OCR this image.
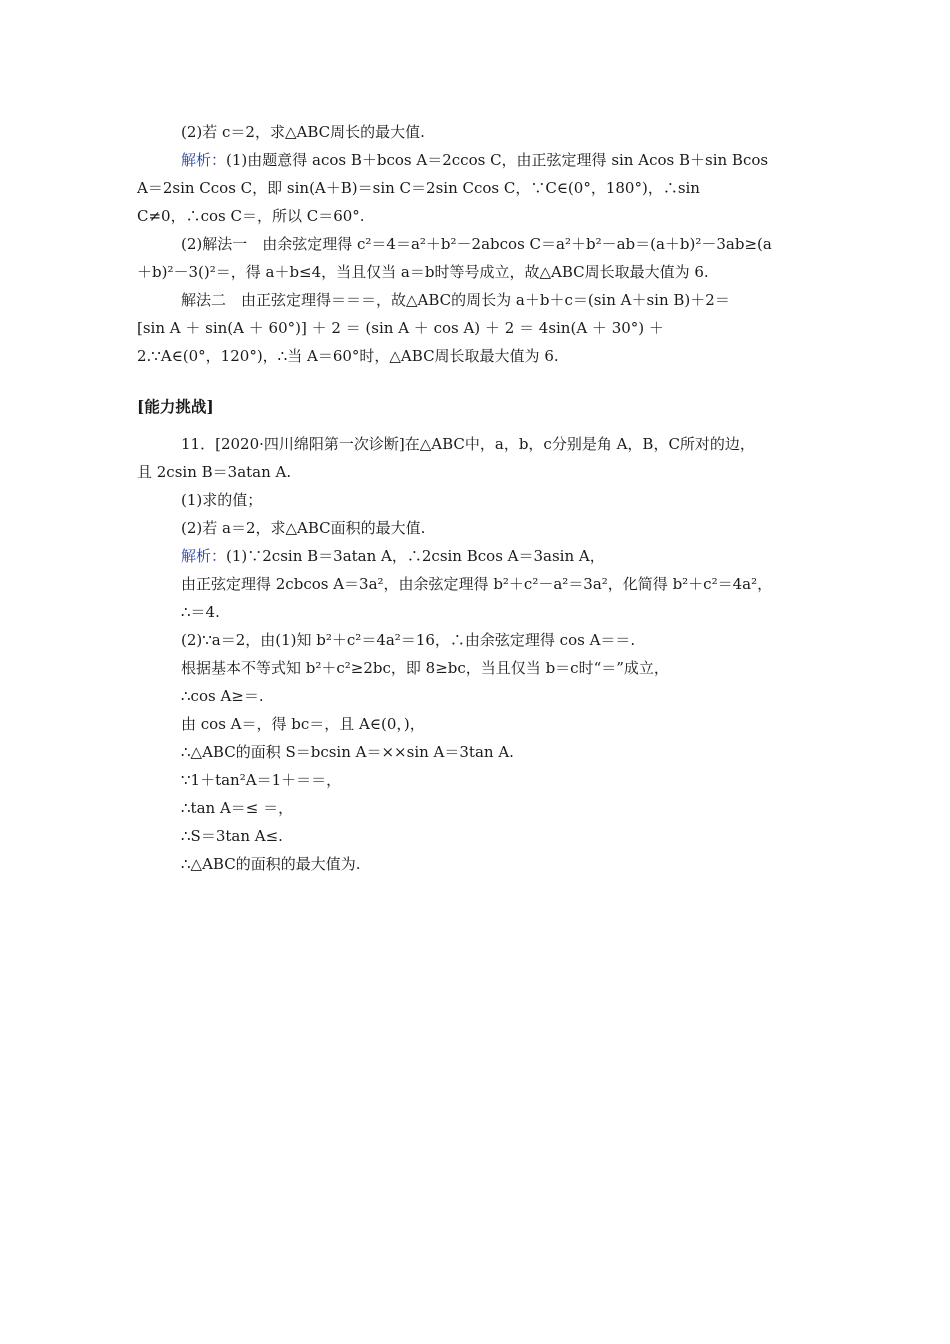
(2)若 c＝2，求△ABC周长的最大值.
解析：(1)由题意得 acos B＋bcos A＝2ccos C，由正弦定理得 sin Acos B＋sin Bcos
A＝2sin Ccos C，即 sin(A＋B)＝sin C＝2sin Ccos C，∵C∈(0°，180°)，∴sin
C≠0，∴cos C＝，所以 C＝60°.
(2)解法一　由余弦定理得 c²＝4＝a²＋b²－2abcos C＝a²＋b²－ab＝(a＋b)²－3ab≥(a
＋b)²－3()²＝，得 a＋b≤4，当且仅当 a＝b时等号成立，故△ABC周长取最大值为 6.
解法二　由正弦定理得＝＝＝，故△ABC的周长为 a＋b＋c＝(sin A＋sin B)＋2＝
[sin A ＋ sin(A ＋ 60°)] ＋ 2 ＝ (sin A ＋ cos A) ＋ 2 ＝ 4sin(A ＋ 30°) ＋
2.∵A∈(0°，120°)，∴当 A＝60°时，△ABC周长取最大值为 6.
[能力挑战]
11．[2020·四川绵阳第一次诊断]在△ABC中，a，b，c分别是角 A，B，C所对的边，
且 2csin B＝3atan A.
(1)求的值；
(2)若 a＝2，求△ABC面积的最大值.
解析：(1)∵2csin B＝3atan A，∴2csin Bcos A＝3asin A，
由正弦定理得 2cbcos A＝3a²，由余弦定理得 b²＋c²－a²＝3a²，化简得 b²＋c²＝4a²，
∴＝4.
(2)∵a＝2，由(1)知 b²＋c²＝4a²＝16，∴由余弦定理得 cos A＝＝.
根据基本不等式知 b²＋c²≥2bc，即 8≥bc，当且仅当 b＝c时“＝”成立，
∴cos A≥＝.
由 cos A＝，得 bc＝，且 A∈(0，)，
∴△ABC的面积 S＝bcsin A＝××sin A＝3tan A.
∵1＋tan²A＝1＋＝＝，
∴tan A＝≤ ＝，
∴S＝3tan A≤.
∴△ABC的面积的最大值为.
